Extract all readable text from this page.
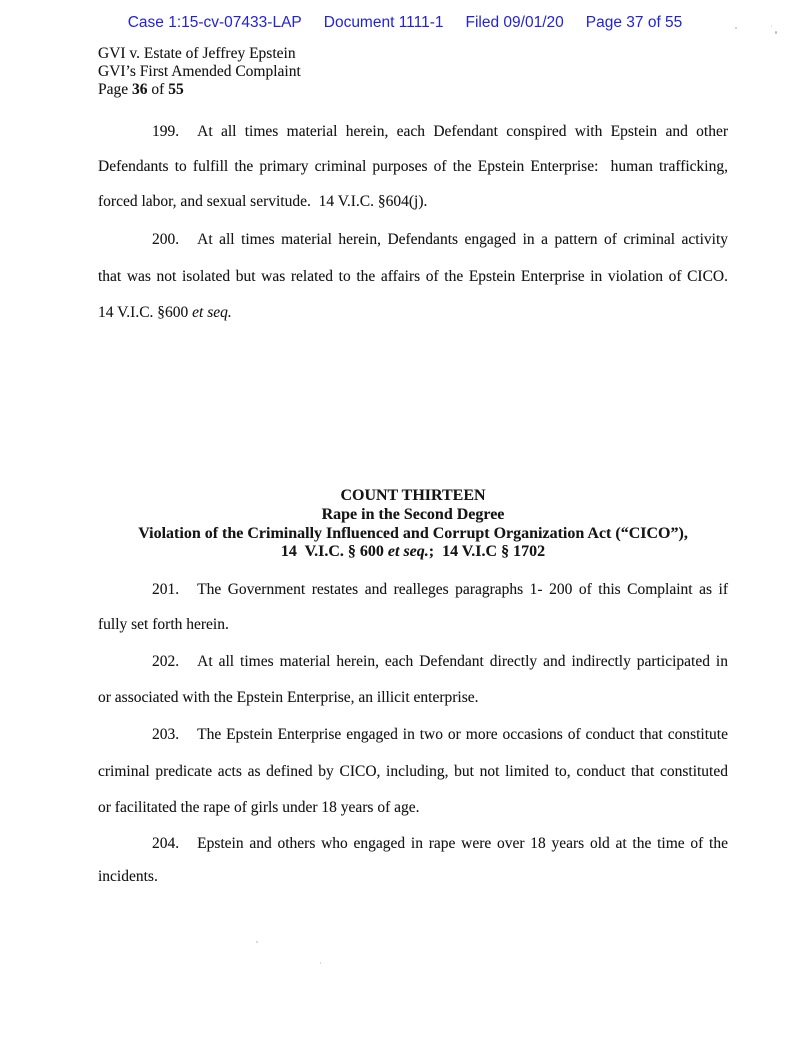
Case 1:15-cv-07433-LAP Document 1111-1 Filed 09/01/20 Page 37 of 55
GVI v. Estate of Jeffrey Epstein
GVI’s First Amended Complaint
Page 36 of 55
199. At all times material herein, each Defendant conspired with Epstein and other
Defendants to fulfill the primary criminal purposes of the Epstein Enterprise:  human trafficking,
forced labor, and sexual servitude.  14 V.I.C. §604(j).
200. At all times material herein, Defendants engaged in a pattern of criminal activity
that was not isolated but was related to the affairs of the Epstein Enterprise in violation of CICO.
14 V.I.C. §600 et seq.
COUNT THIRTEEN
Rape in the Second Degree
Violation of the Criminally Influenced and Corrupt Organization Act (“CICO”),
14  V.I.C. § 600 et seq.;  14 V.I.C § 1702
201. The Government restates and realleges paragraphs 1- 200 of this Complaint as if
fully set forth herein.
202. At all times material herein, each Defendant directly and indirectly participated in
or associated with the Epstein Enterprise, an illicit enterprise.
203. The Epstein Enterprise engaged in two or more occasions of conduct that constitute
criminal predicate acts as defined by CICO, including, but not limited to, conduct that constituted
or facilitated the rape of girls under 18 years of age.
204. Epstein and others who engaged in rape were over 18 years old at the time of the
incidents.
